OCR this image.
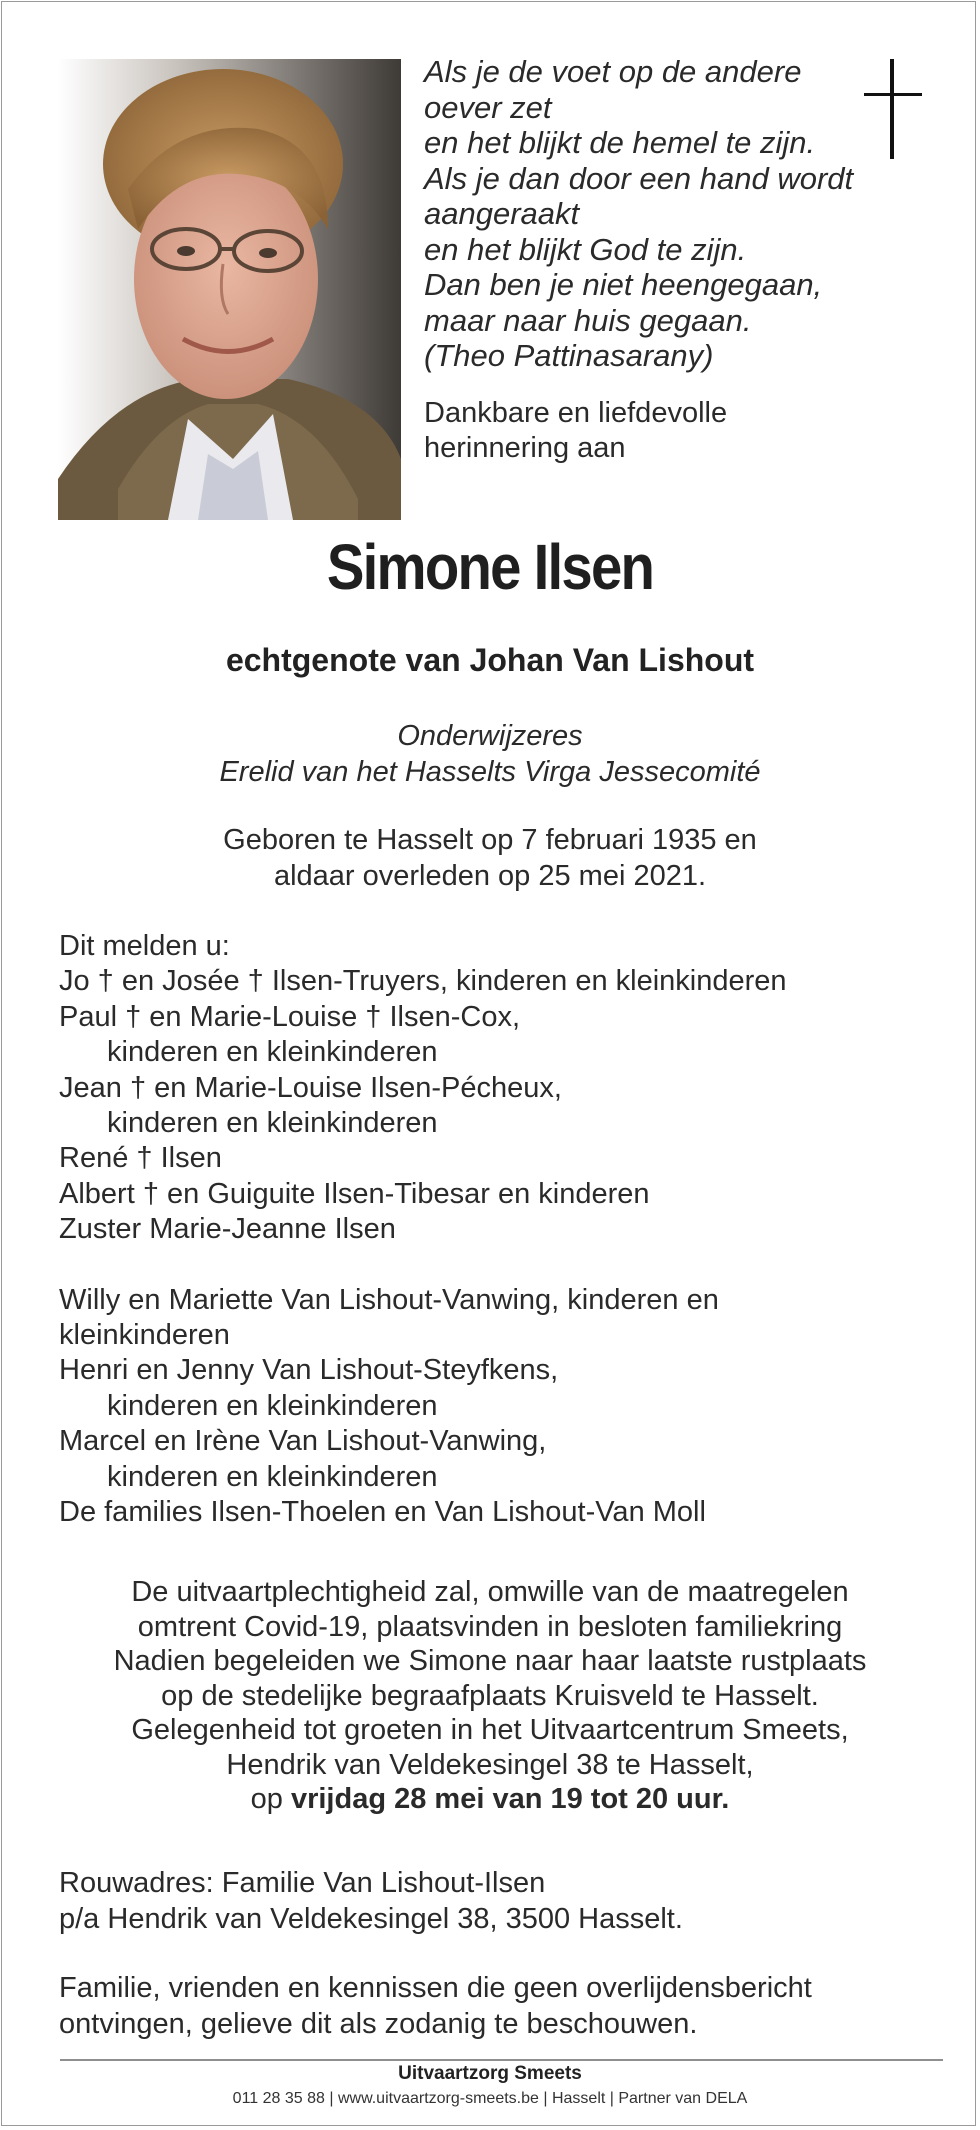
Als je de voet op de andere
oever zet
en het blijkt de hemel te zijn.
Als je dan door een hand wordt
aangeraakt
en het blijkt God te zijn.
Dan ben je niet heengegaan,
maar naar huis gegaan.
(Theo Pattinasarany)
Dankbare en liefdevolle
herinnering aan
Simone Ilsen
echtgenote van Johan Van Lishout
Onderwijzeres
Erelid van het Hasselts Virga Jessecomité
Geboren te Hasselt op 7 februari 1935 en
aldaar overleden op 25 mei 2021.
Dit melden u:
Jo † en Josée † Ilsen-Truyers, kinderen en kleinkinderen
Paul † en Marie-Louise † Ilsen-Cox,
kinderen en kleinkinderen
Jean † en Marie-Louise Ilsen-Pécheux,
kinderen en kleinkinderen
René † Ilsen
Albert † en Guiguite Ilsen-Tibesar en kinderen
Zuster Marie-Jeanne Ilsen
Willy en Mariette Van Lishout-Vanwing, kinderen en
kleinkinderen
Henri en Jenny Van Lishout-Steyfkens,
kinderen en kleinkinderen
Marcel en Irène Van Lishout-Vanwing,
kinderen en kleinkinderen
De families Ilsen-Thoelen en Van Lishout-Van Moll
De uitvaartplechtigheid zal, omwille van de maatregelen
omtrent Covid-19, plaatsvinden in besloten familiekring
Nadien begeleiden we Simone naar haar laatste rustplaats
op de stedelijke begraafplaats Kruisveld te Hasselt.
Gelegenheid tot groeten in het Uitvaartcentrum Smeets,
Hendrik van Veldekesingel 38 te Hasselt,
op vrijdag 28 mei van 19 tot 20 uur.
Rouwadres: Familie Van Lishout-Ilsen
p/a Hendrik van Veldekesingel 38, 3500 Hasselt.
Familie, vrienden en kennissen die geen overlijdensbericht
ontvingen, gelieve dit als zodanig te beschouwen.
Uitvaartzorg Smeets
011 28 35 88 | www.uitvaartzorg-smeets.be | Hasselt | Partner van DELA
